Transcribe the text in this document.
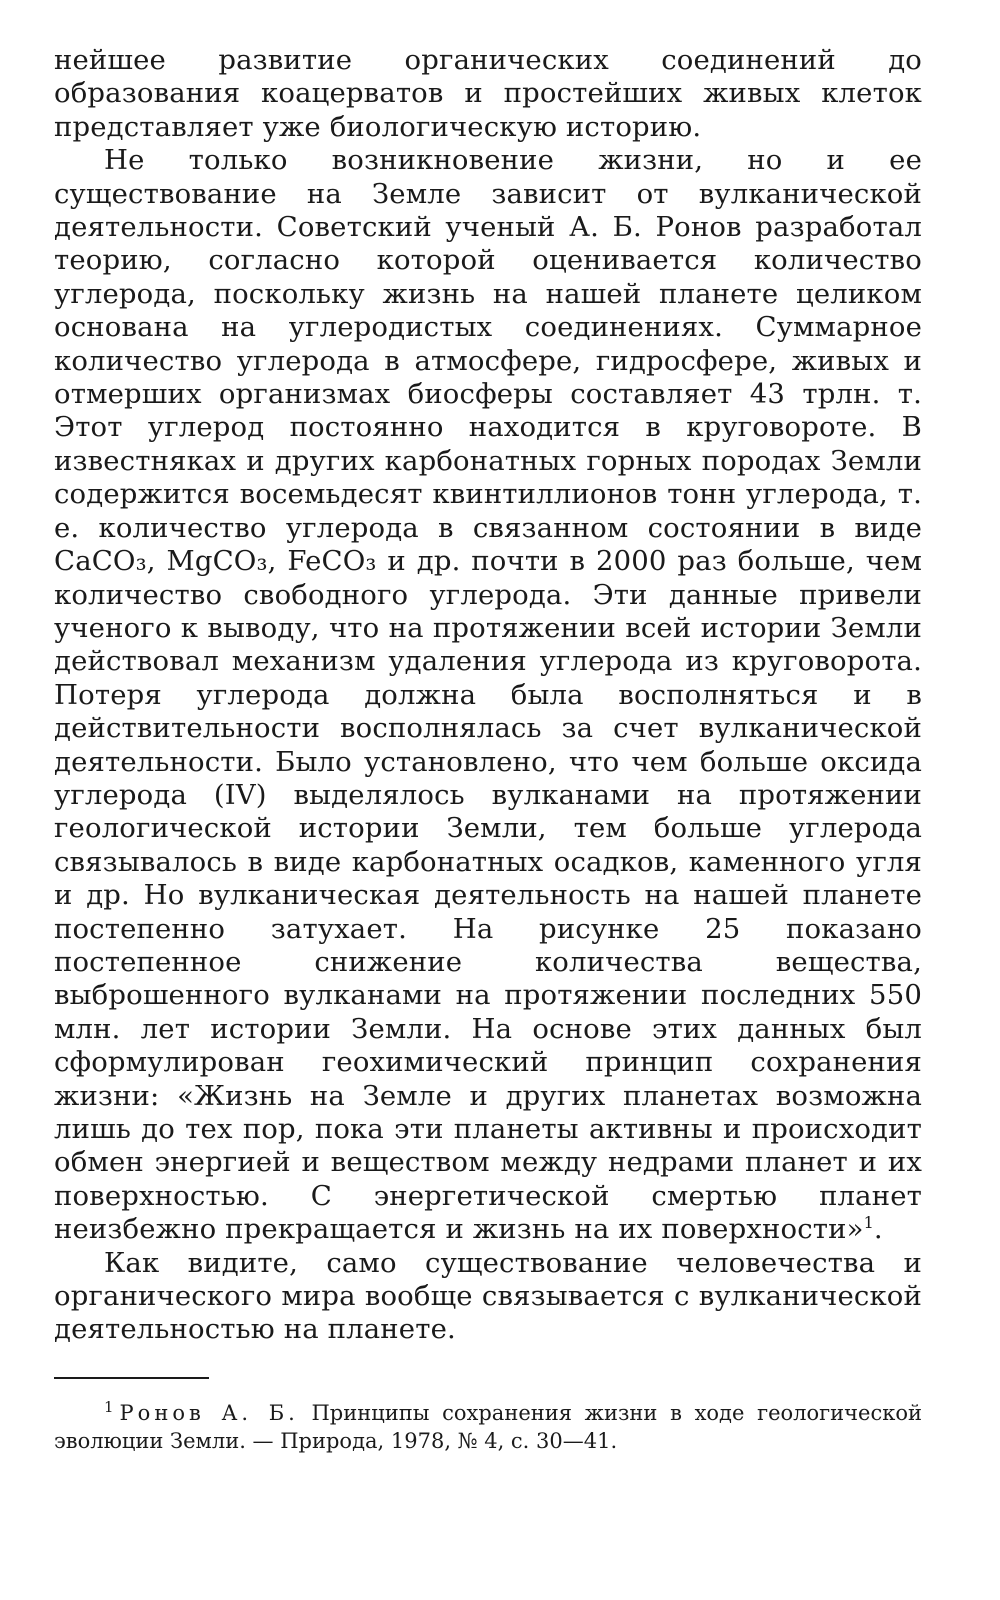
нейшее развитие органических соединений до образования коацерватов и простейших живых клеток представляет уже биологическую историю.

Не только возникновение жизни, но и ее существование на Земле зависит от вулканической деятельности. Советский ученый А. Б. Ронов разработал теорию, согласно которой оценивается количество углерода, поскольку жизнь на нашей планете целиком основана на углеродистых соединениях. Суммарное количество углерода в атмосфере, гидросфере, живых и отмерших организмах биосферы составляет 43 трлн. т. Этот углерод постоянно находится в круговороте. В известняках и других карбонатных горных породах Земли содержится восемьдесят квинтиллионов тонн углерода, т. е. количество углерода в связанном состоянии в виде CaCO₃, MgCO₃, FeCO₃ и др. почти в 2000 раз больше, чем количество свободного углерода. Эти данные привели ученого к выводу, что на протяжении всей истории Земли действовал механизм удаления углерода из круговорота. Потеря углерода должна была восполняться и в действительности восполнялась за счет вулканической деятельности. Было установлено, что чем больше оксида углерода (IV) выделялось вулканами на протяжении геологической истории Земли, тем больше углерода связывалось в виде карбонатных осадков, каменного угля и др. Но вулканическая деятельность на нашей планете постепенно затухает. На рисунке 25 показано постепенное снижение количества вещества, выброшенного вулканами на протяжении последних 550 млн. лет истории Земли. На основе этих данных был сформулирован геохимический принцип сохранения жизни: «Жизнь на Земле и других планетах возможна лишь до тех пор, пока эти планеты активны и происходит обмен энергией и веществом между недрами планет и их поверхностью. С энергетической смертью планет неизбежно прекращается и жизнь на их поверхности»$^1$.

Как видите, само существование человечества и органического мира вообще связывается с вулканической деятельностью на планете.

$^1$ Ронов А. Б. Принципы сохранения жизни в ходе геологической эволюции Земли. — Природа, 1978, № 4, с. 30—41.
